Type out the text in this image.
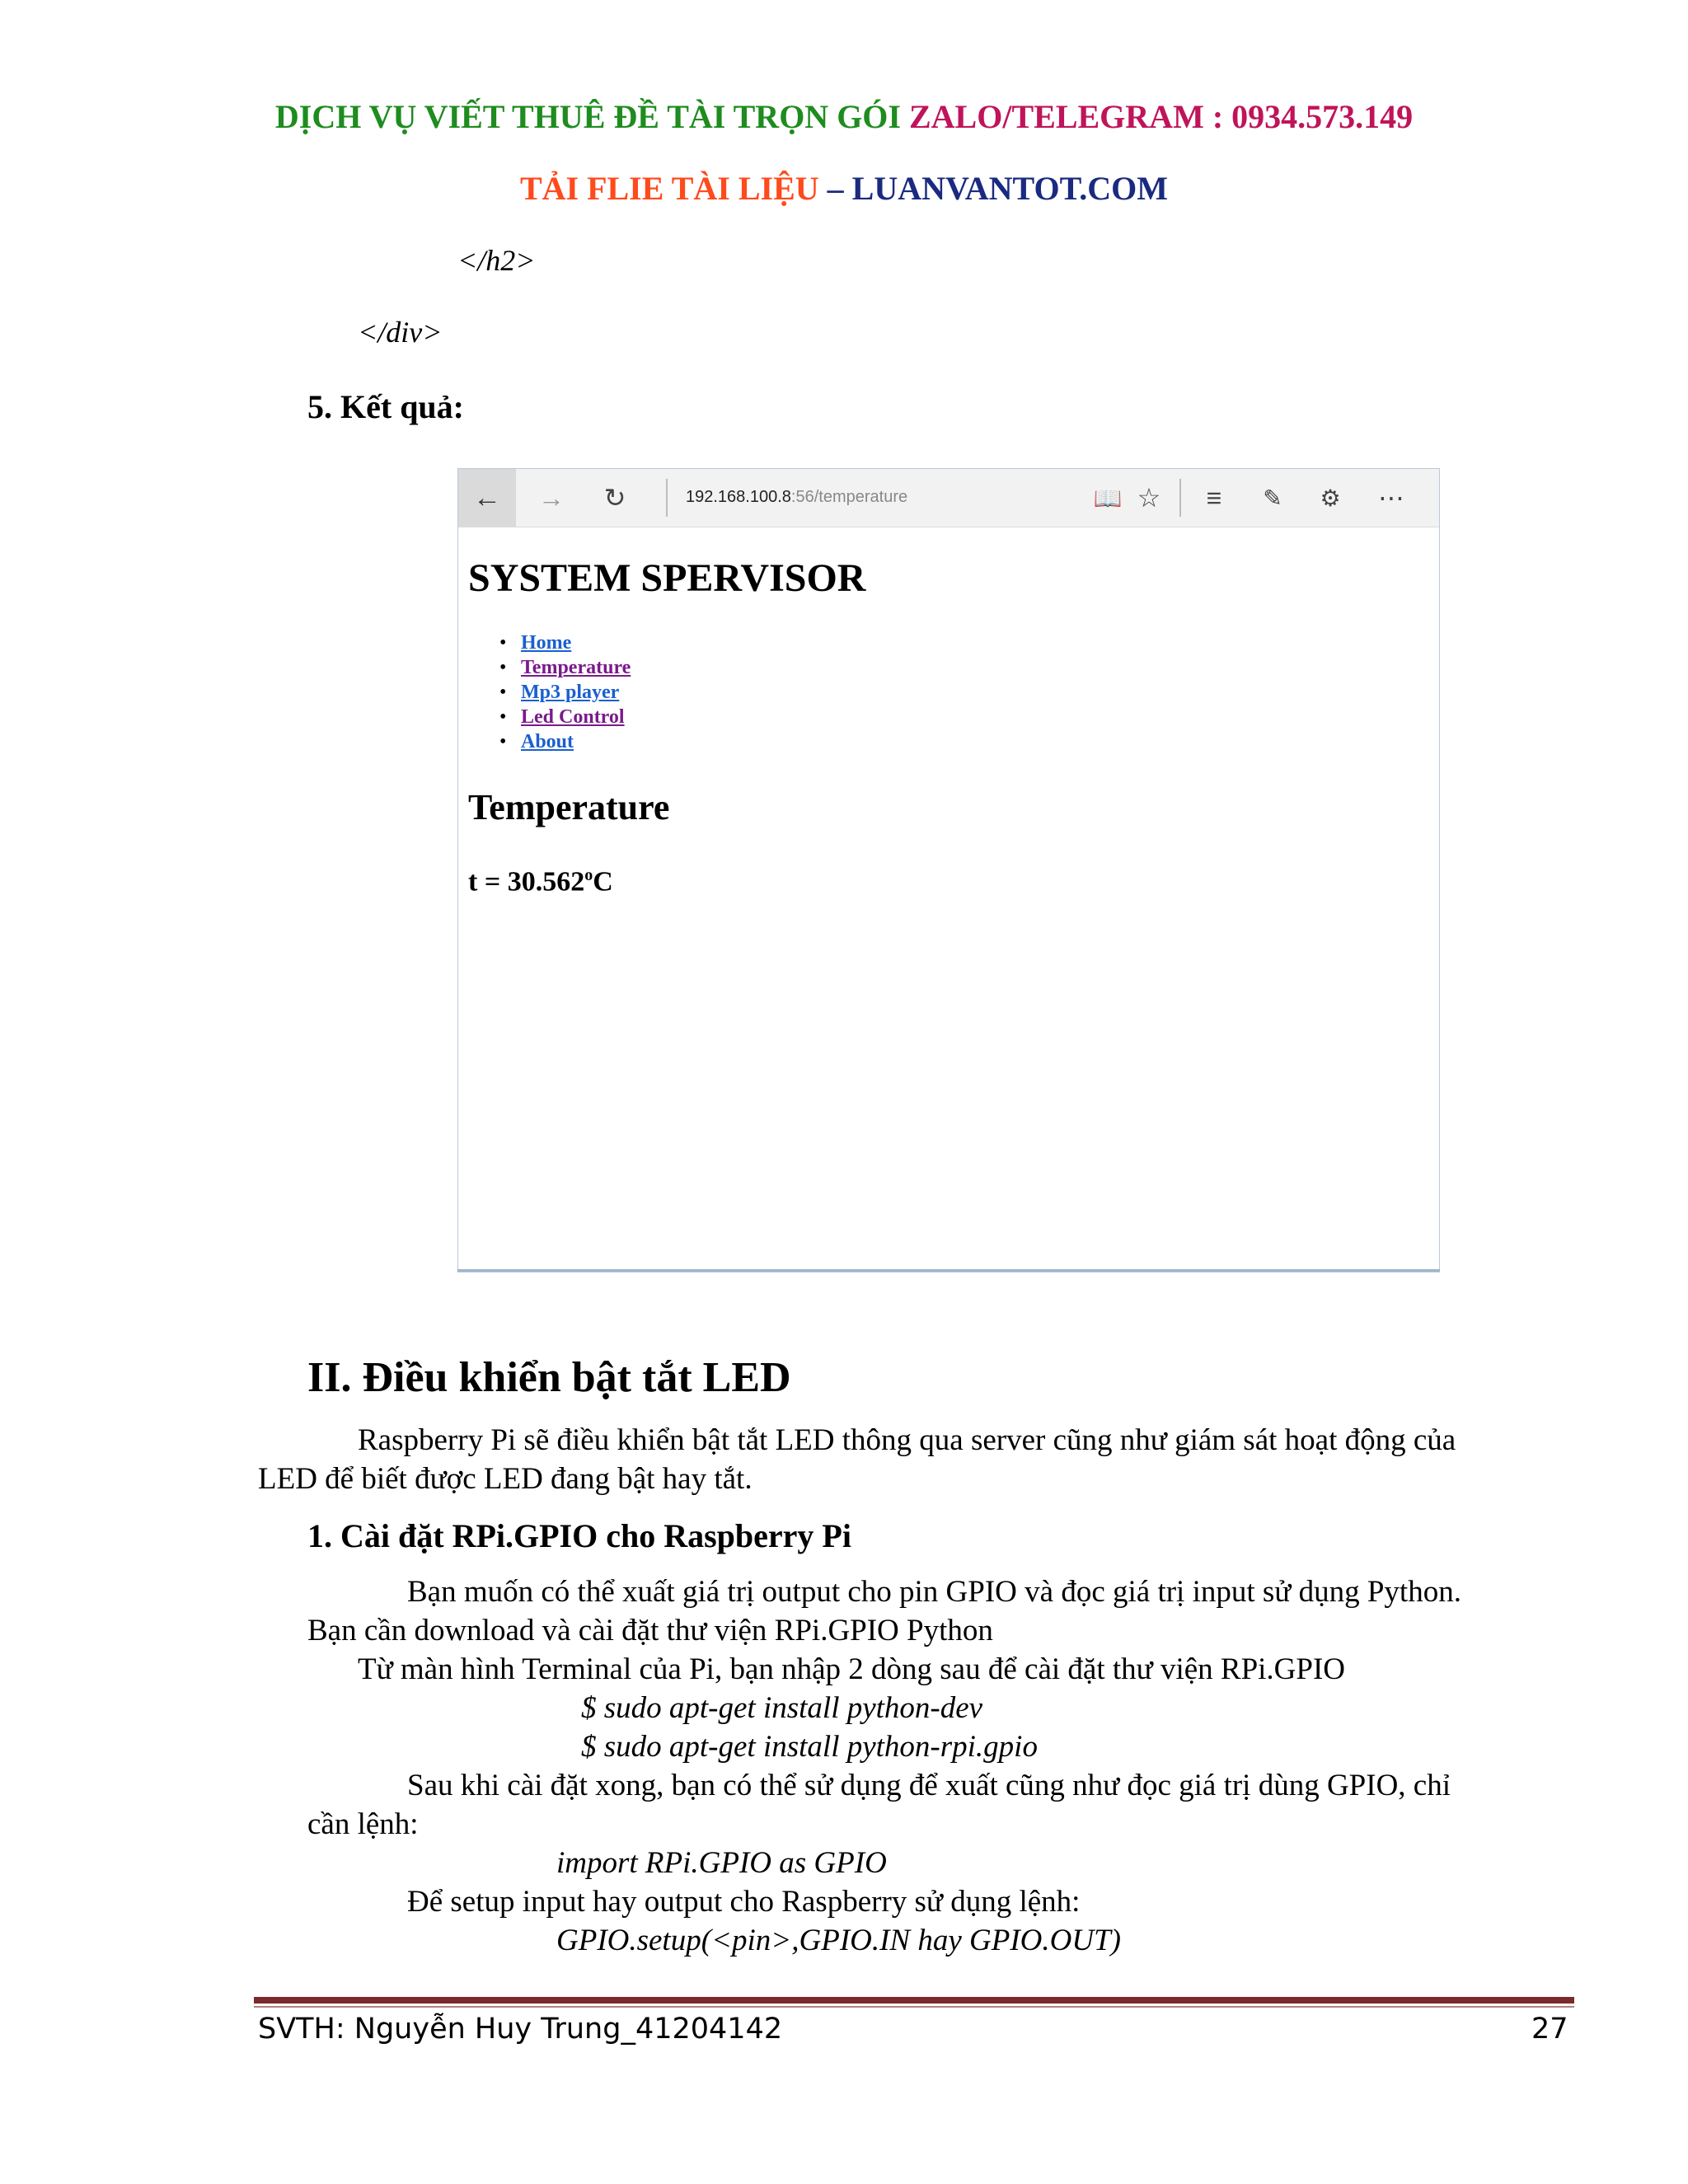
DỊCH VỤ VIẾT THUÊ ĐỀ TÀI TRỌN GÓI ZALO/TELEGRAM : 0934.573.149
TẢI FLIE TÀI LIỆU – LUANVANTOT.COM
</h2>
</div>
5. Kết quả:
←	→	↻	192.168.100.8:56/temperature	📖 ☆	≡	✎	⚙ ⋯
SYSTEM SPERVISOR
• Home
• Temperature
• Mp3 player
• Led Control
• About
Temperature
$t = 30.562^oC$
II. Điều khiển bật tắt LED
Raspberry Pi sẽ điều khiển bật tắt LED thông qua server cũng như giám sát hoạt động của
LED để biết được LED đang bật hay tắt.
1. Cài đặt RPi.GPIO cho Raspberry Pi
Bạn muốn có thể xuất giá trị output cho pin GPIO và đọc giá trị input sử dụng Python.
Bạn cần download và cài đặt thư viện RPi.GPIO Python
Từ màn hình Terminal của Pi, bạn nhập 2 dòng sau để cài đặt thư viện RPi.GPIO
$ sudo apt-get install python-dev
$ sudo apt-get install python-rpi.gpio
Sau khi cài đặt xong, bạn có thể sử dụng để xuất cũng như đọc giá trị dùng GPIO, chỉ
cần lệnh:
import RPi.GPIO as GPIO
Để setup input hay output cho Raspberry sử dụng lệnh:
GPIO.setup(<pin>,GPIO.IN hay GPIO.OUT)
SVTH: Nguyễn Huy Trung_41204142	27
